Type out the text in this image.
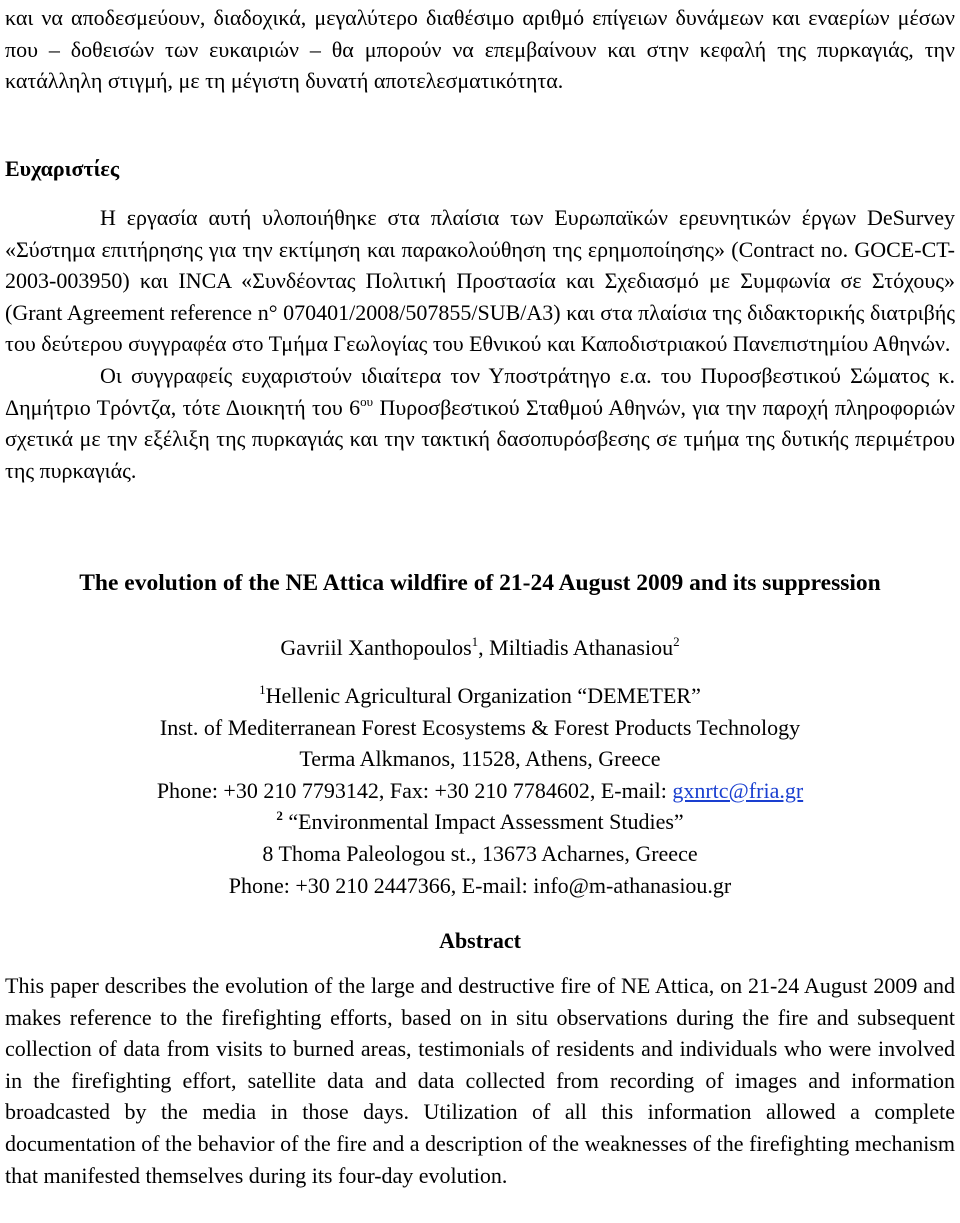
και να αποδεσμεύουν, διαδοχικά, μεγαλύτερο διαθέσιμο αριθμό επίγειων δυνάμεων και εναερίων μέσων που – δοθεισών των ευκαιριών – θα μπορούν να επεμβαίνουν και στην κεφαλή της πυρκαγιάς, την κατάλληλη στιγμή, με τη μέγιστη δυνατή αποτελεσματικότητα.

Ευχαριστίες

Η εργασία αυτή υλοποιήθηκε στα πλαίσια των Ευρωπαϊκών ερευνητικών έργων DeSurvey «Σύστημα επιτήρησης για την εκτίμηση και παρακολούθηση της ερημοποίησης» (Contract no. GOCE-CT-2003-003950) και INCA «Συνδέοντας Πολιτική Προστασία και Σχεδιασμό με Συμφωνία σε Στόχους» (Grant Agreement reference n° 070401/2008/507855/SUB/A3) και στα πλαίσια της διδακτορικής διατριβής του δεύτερου συγγραφέα στο Τμήμα Γεωλογίας του Εθνικού και Καποδιστριακού Πανεπιστημίου Αθηνών.

Οι συγγραφείς ευχαριστούν ιδιαίτερα τον Υποστράτηγο ε.α. του Πυροσβεστικού Σώματος κ. Δημήτριο Τρόντζα, τότε Διοικητή του $6^{o\upsilon}$ Πυροσβεστικού Σταθμού Αθηνών, για την παροχή πληροφοριών σχετικά με την εξέλιξη της πυρκαγιάς και την τακτική δασοπυρόσβεσης σε τμήμα της δυτικής περιμέτρου της πυρκαγιάς.

The evolution of the NE Attica wildfire of 21-24 August 2009 and its suppression

Gavriil Xanthopoulos$^1$, Miltiadis Athanasiou$^2$

$^1$Hellenic Agricultural Organization “DEMETER”

Inst. of Mediterranean Forest Ecosystems & Forest Products Technology

Terma Alkmanos, 11528, Athens, Greece

Phone: +30 210 7793142, Fax: +30 210 7784602, E-mail: gxnrtc@fria.gr

$^2$ “Environmental Impact Assessment Studies”

8 Thoma Paleologou st., 13673 Acharnes, Greece

Phone: +30 210 2447366, E-mail: info@m-athanasiou.gr

Abstract

This paper describes the evolution of the large and destructive fire of NE Attica, on 21-24 August 2009 and makes reference to the firefighting efforts, based on in situ observations during the fire and subsequent collection of data from visits to burned areas, testimonials of residents and individuals who were involved in the firefighting effort, satellite data and data collected from recording of images and information broadcasted by the media in those days. Utilization of all this information allowed a complete documentation of the behavior of the fire and a description of the weaknesses of the firefighting mechanism that manifested themselves during its four-day evolution.
